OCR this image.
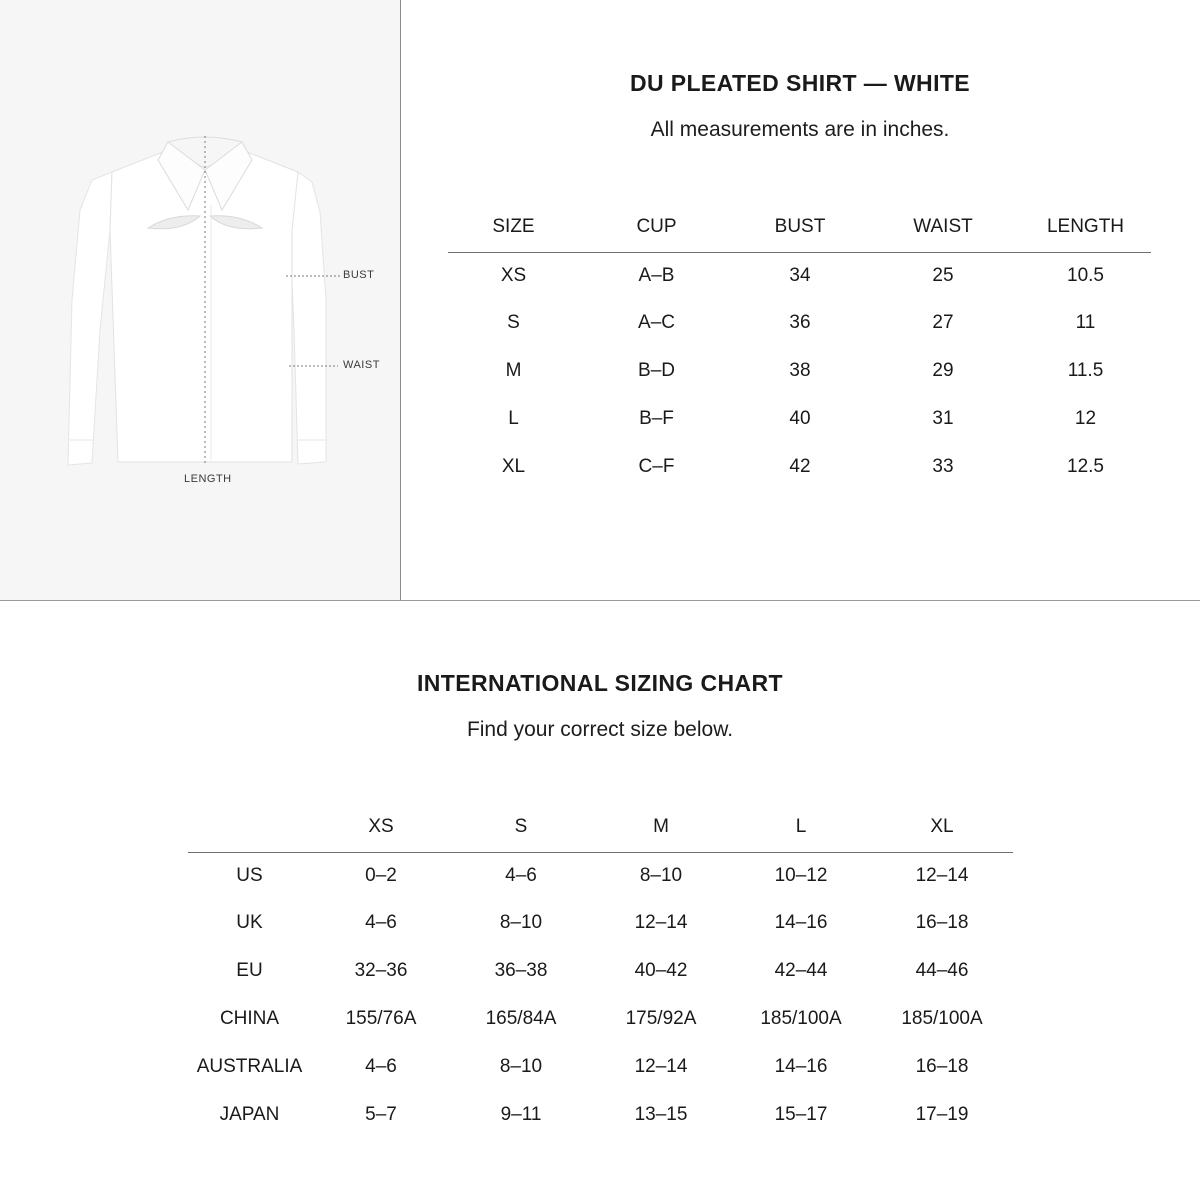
BUST
WAIST
LENGTH
DU PLEATED SHIRT — WHITE
All measurements are in inches.
SIZE	CUP	BUST	WAIST	LENGTH
XS	A–B	34	25	10.5
S	A–C	36	27	11
M	B–D	38	29	11.5
L	B–F	40	31	12
XL	C–F	42	33	12.5
INTERNATIONAL SIZING CHART
Find your correct size below.
	XS	S	M	L	XL
US	0–2	4–6	8–10	10–12	12–14
UK	4–6	8–10	12–14	14–16	16–18
EU	32–36	36–38	40–42	42–44	44–46
CHINA	155/76A	165/84A	175/92A	185/100A	185/100A
AUSTRALIA	4–6	8–10	12–14	14–16	16–18
JAPAN	5–7	9–11	13–15	15–17	17–19
